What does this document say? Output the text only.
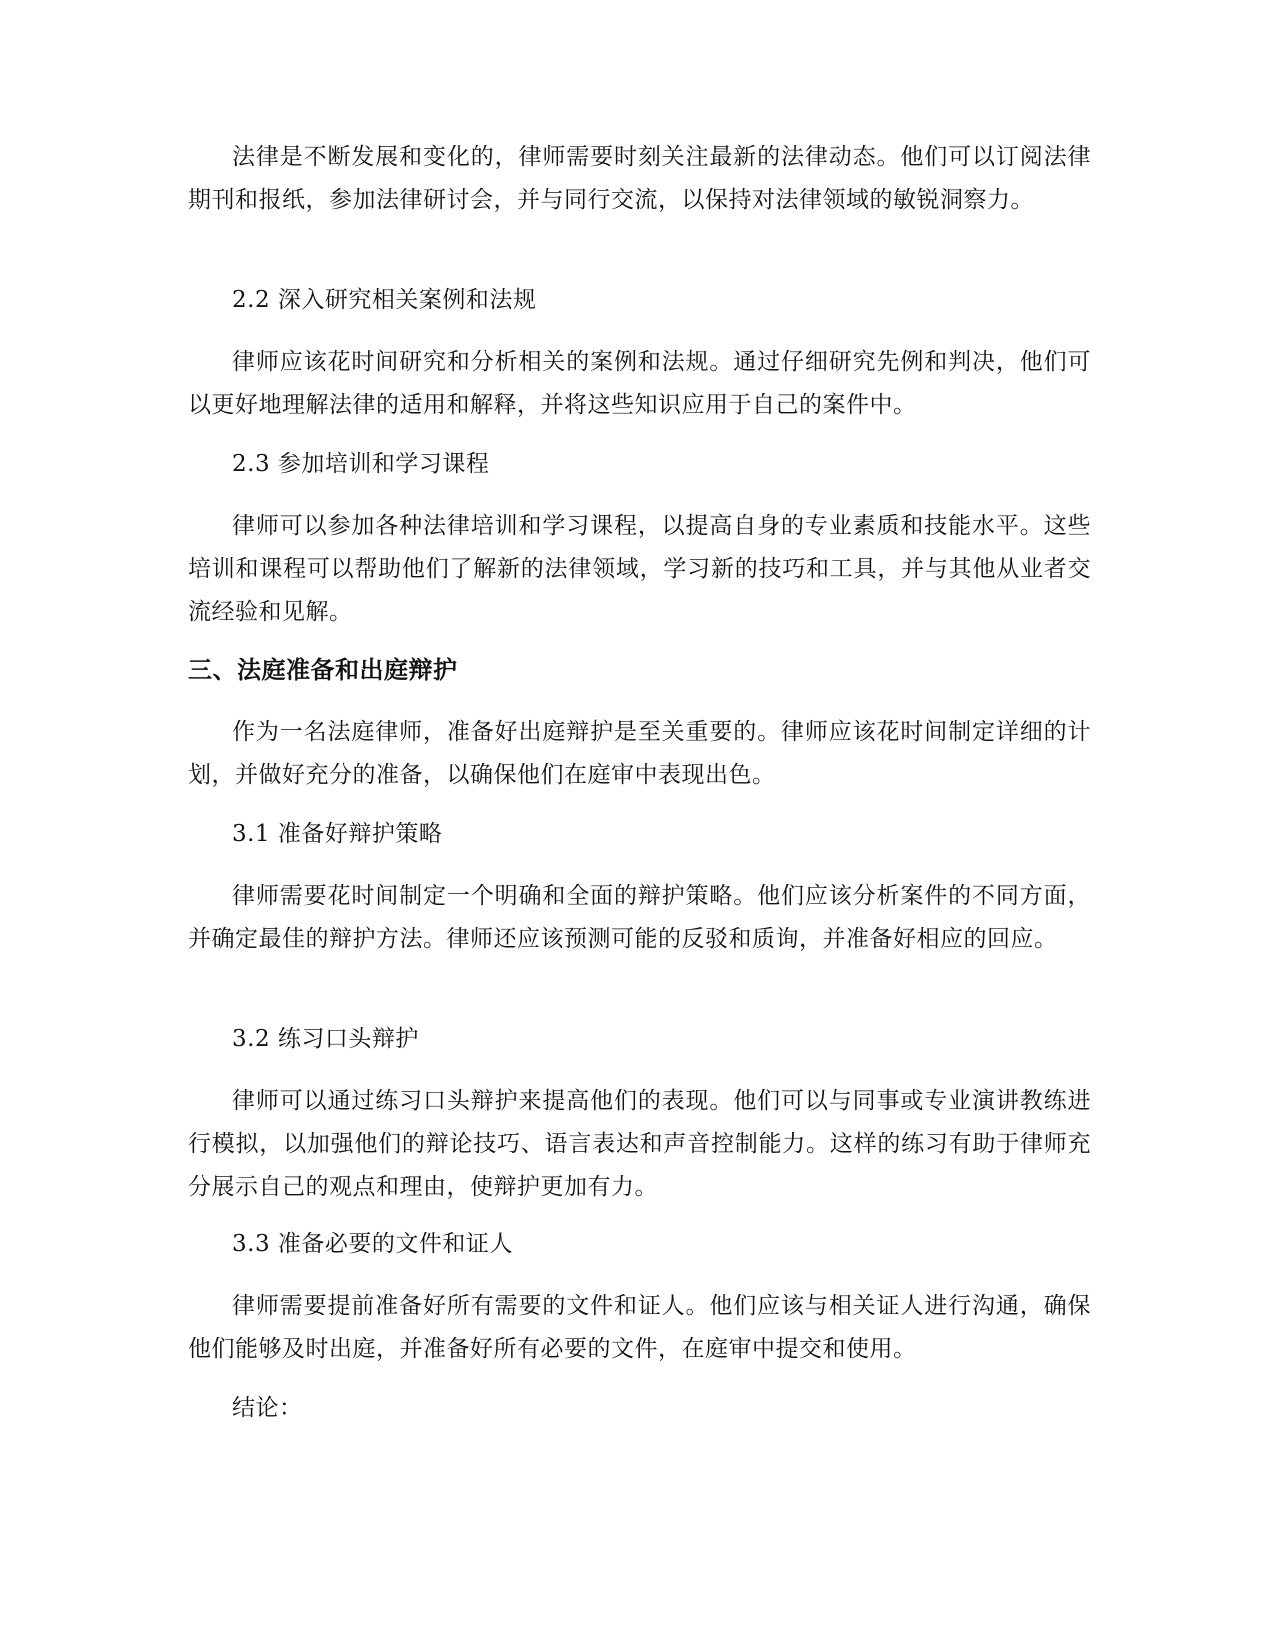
法律是不断发展和变化的，律师需要时刻关注最新的法律动态。他们可以订阅法律期刊和报纸，参加法律研讨会，并与同行交流，以保持对法律领域的敏锐洞察力。

2.2 深入研究相关案例和法规

律师应该花时间研究和分析相关的案例和法规。通过仔细研究先例和判决，他们可以更好地理解法律的适用和解释，并将这些知识应用于自己的案件中。

2.3 参加培训和学习课程

律师可以参加各种法律培训和学习课程，以提高自身的专业素质和技能水平。这些培训和课程可以帮助他们了解新的法律领域，学习新的技巧和工具，并与其他从业者交流经验和见解。

三、法庭准备和出庭辩护

作为一名法庭律师，准备好出庭辩护是至关重要的。律师应该花时间制定详细的计划，并做好充分的准备，以确保他们在庭审中表现出色。

3.1 准备好辩护策略

律师需要花时间制定一个明确和全面的辩护策略。他们应该分析案件的不同方面，并确定最佳的辩护方法。律师还应该预测可能的反驳和质询，并准备好相应的回应。

3.2 练习口头辩护

律师可以通过练习口头辩护来提高他们的表现。他们可以与同事或专业演讲教练进行模拟，以加强他们的辩论技巧、语言表达和声音控制能力。这样的练习有助于律师充分展示自己的观点和理由，使辩护更加有力。

3.3 准备必要的文件和证人

律师需要提前准备好所有需要的文件和证人。他们应该与相关证人进行沟通，确保他们能够及时出庭，并准备好所有必要的文件，在庭审中提交和使用。

结论：
